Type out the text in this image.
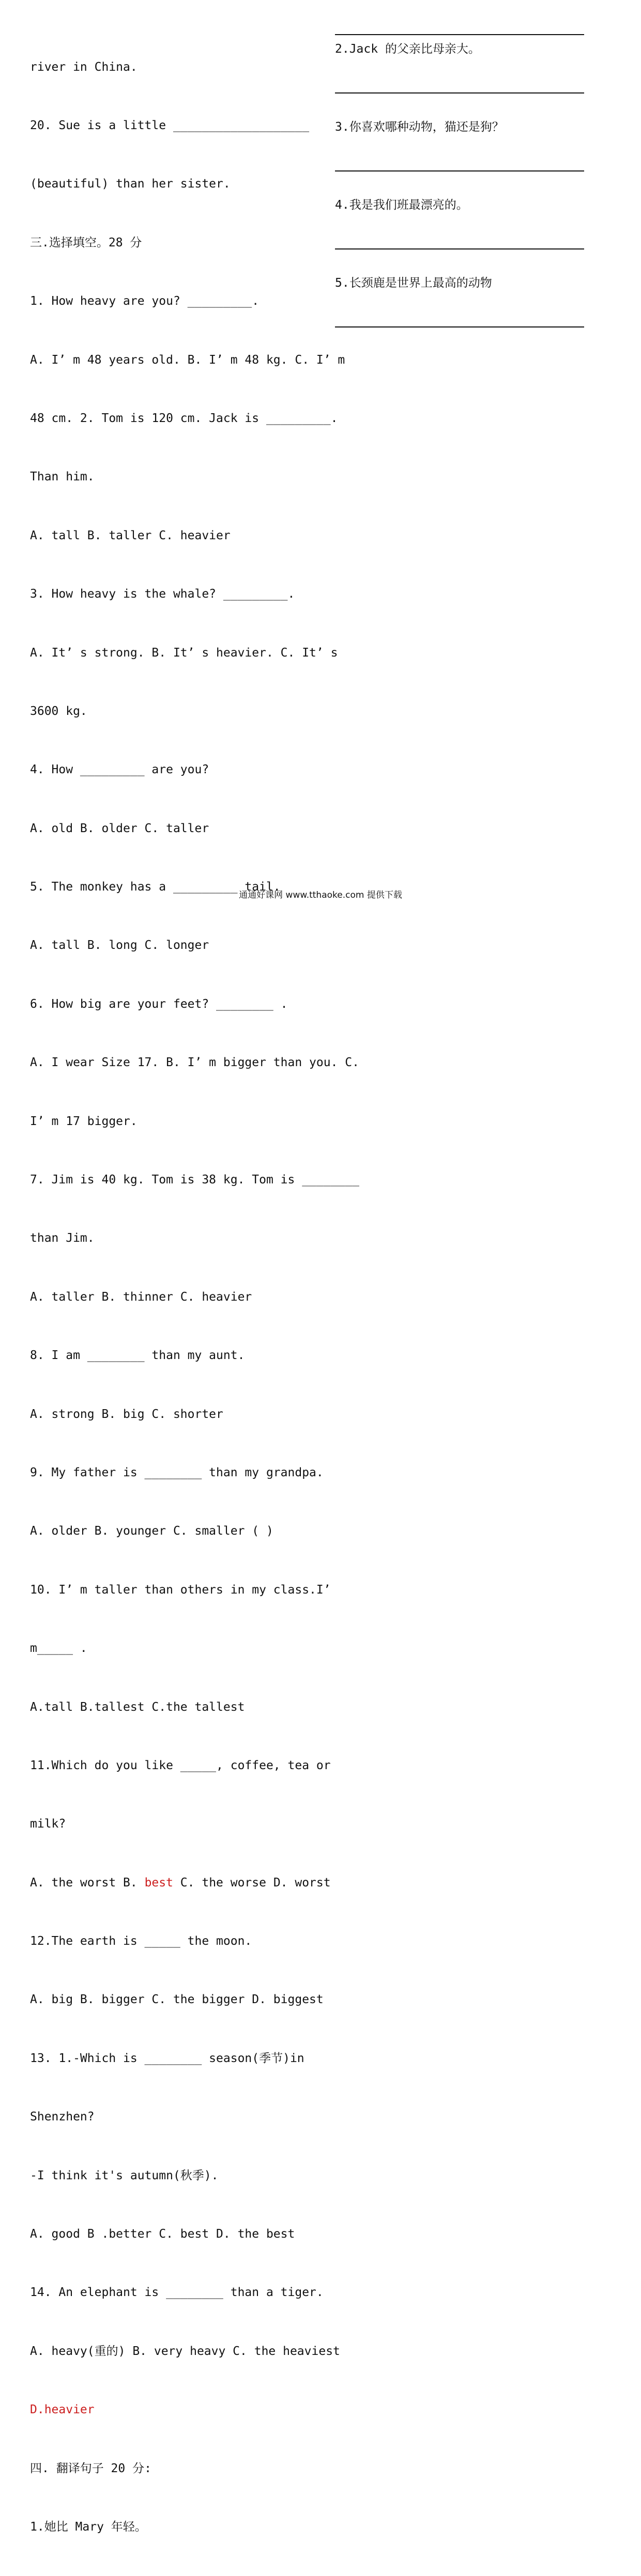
river in China.

20. Sue is a little ___________________

(beautiful) than her sister.

三.选择填空。28 分

1. How heavy are you? _________.

A. I’ m 48 years old. B. I’ m 48 kg. C. I’ m

48 cm. 2. Tom is 120 cm. Jack is _________.

Than him.

A. tall B. taller C. heavier

3. How heavy is the whale? _________.

A. It’ s strong. B. It’ s heavier. C. It’ s

3600 kg.

4. How _________ are you?

A. old B. older C. taller

5. The monkey has a _________ tail.

A. tall B. long C. longer

6. How big are your feet? ________ .

A. I wear Size 17. B. I’ m bigger than you. C.

I’ m 17 bigger.

7. Jim is 40 kg. Tom is 38 kg. Tom is ________

than Jim.

A. taller B. thinner C. heavier

8. I am ________ than my aunt.

A. strong B. big C. shorter

9. My father is ________ than my grandpa.

A. older B. younger C. smaller ( )

10. I’ m taller than others in my class.I’

m_____ .

A.tall B.tallest C.the tallest

11.Which do you like _____, coffee, tea or

milk?

A. the worst B. best C. the worse D. worst

12.The earth is _____ the moon.

A. big B. bigger C. the bigger D. biggest

13. 1.-Which is ________ season(季节)in

Shenzhen?

-I think it's autumn(秋季).

A. good B .better C. best D. the best

14. An elephant is ________ than a tiger.

A. heavy(重的) B. very heavy C. the heaviest

D.heavier

四. 翻译句子 20 分:

1.她比 Mary 年轻。

2.Jack 的父亲比母亲大。
3.你喜欢哪种动物，猫还是狗？
4.我是我们班最漂亮的。
5.长颈鹿是世界上最高的动物
通通好课网 www.tthaoke.com 提供下载
